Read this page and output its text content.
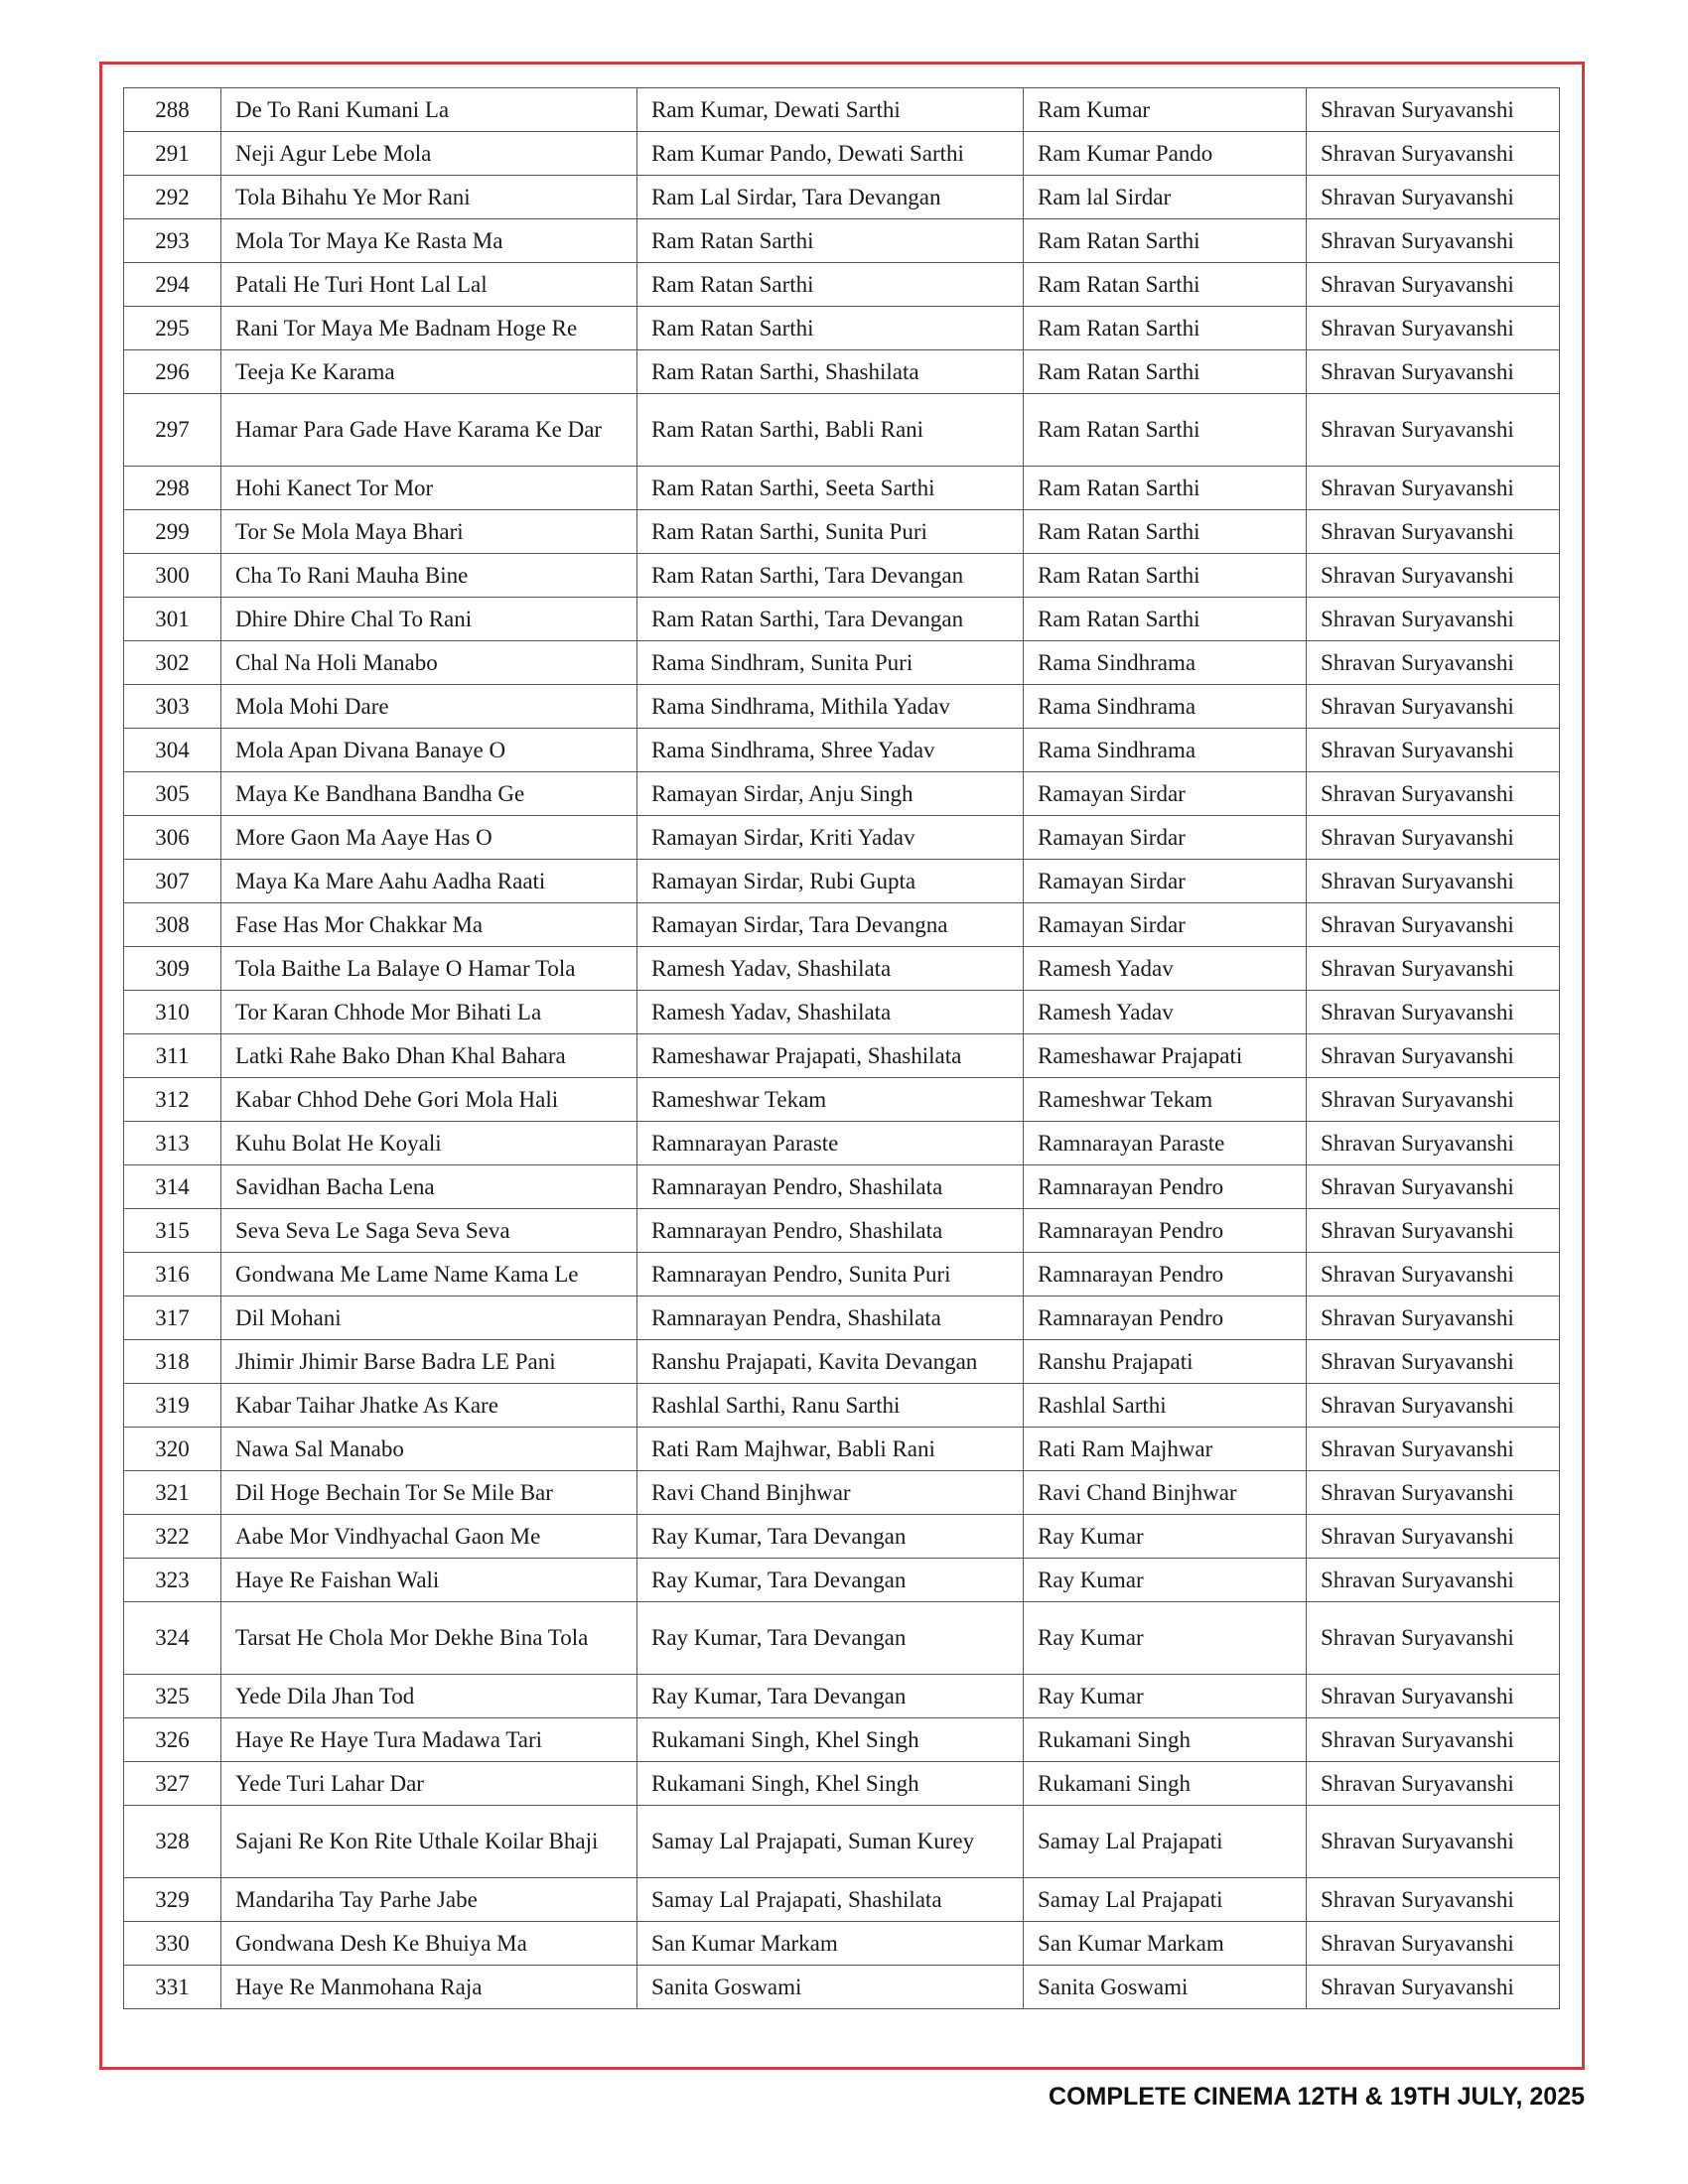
288	De To Rani Kumani La	Ram Kumar, Dewati Sarthi	Ram Kumar	Shravan Suryavanshi
291	Neji Agur Lebe Mola	Ram Kumar Pando, Dewati Sarthi	Ram Kumar Pando	Shravan Suryavanshi
292	Tola Bihahu Ye Mor Rani	Ram Lal Sirdar, Tara Devangan	Ram lal Sirdar	Shravan Suryavanshi
293	Mola Tor Maya Ke Rasta Ma	Ram Ratan Sarthi	Ram Ratan Sarthi	Shravan Suryavanshi
294	Patali He Turi Hont Lal Lal	Ram Ratan Sarthi	Ram Ratan Sarthi	Shravan Suryavanshi
295	Rani Tor Maya Me Badnam Hoge Re	Ram Ratan Sarthi	Ram Ratan Sarthi	Shravan Suryavanshi
296	Teeja Ke Karama	Ram Ratan Sarthi, Shashilata	Ram Ratan Sarthi	Shravan Suryavanshi
297	Hamar Para Gade Have Karama Ke Dar	Ram Ratan Sarthi, Babli Rani	Ram Ratan Sarthi	Shravan Suryavanshi
298	Hohi Kanect Tor Mor	Ram Ratan Sarthi, Seeta Sarthi	Ram Ratan Sarthi	Shravan Suryavanshi
299	Tor Se Mola Maya Bhari	Ram Ratan Sarthi, Sunita Puri	Ram Ratan Sarthi	Shravan Suryavanshi
300	Cha To Rani Mauha Bine	Ram Ratan Sarthi, Tara Devangan	Ram Ratan Sarthi	Shravan Suryavanshi
301	Dhire Dhire Chal To Rani	Ram Ratan Sarthi, Tara Devangan	Ram Ratan Sarthi	Shravan Suryavanshi
302	Chal Na Holi Manabo	Rama Sindhram, Sunita Puri	Rama Sindhrama	Shravan Suryavanshi
303	Mola Mohi Dare	Rama Sindhrama, Mithila Yadav	Rama Sindhrama	Shravan Suryavanshi
304	Mola Apan Divana Banaye O	Rama Sindhrama, Shree Yadav	Rama Sindhrama	Shravan Suryavanshi
305	Maya Ke Bandhana Bandha Ge	Ramayan Sirdar, Anju Singh	Ramayan Sirdar	Shravan Suryavanshi
306	More Gaon Ma Aaye Has O	Ramayan Sirdar, Kriti Yadav	Ramayan Sirdar	Shravan Suryavanshi
307	Maya Ka Mare Aahu Aadha Raati	Ramayan Sirdar, Rubi Gupta	Ramayan Sirdar	Shravan Suryavanshi
308	Fase Has Mor Chakkar Ma	Ramayan Sirdar, Tara Devangna	Ramayan Sirdar	Shravan Suryavanshi
309	Tola Baithe La Balaye O Hamar Tola	Ramesh Yadav, Shashilata	Ramesh Yadav	Shravan Suryavanshi
310	Tor Karan Chhode Mor Bihati La	Ramesh Yadav, Shashilata	Ramesh Yadav	Shravan Suryavanshi
311	Latki Rahe Bako Dhan Khal Bahara	Rameshawar Prajapati, Shashilata	Rameshawar Prajapati	Shravan Suryavanshi
312	Kabar Chhod Dehe Gori Mola Hali	Rameshwar Tekam	Rameshwar Tekam	Shravan Suryavanshi
313	Kuhu Bolat He Koyali	Ramnarayan Paraste	Ramnarayan Paraste	Shravan Suryavanshi
314	Savidhan Bacha Lena	Ramnarayan Pendro, Shashilata	Ramnarayan Pendro	Shravan Suryavanshi
315	Seva Seva Le Saga Seva Seva	Ramnarayan Pendro, Shashilata	Ramnarayan Pendro	Shravan Suryavanshi
316	Gondwana Me Lame Name Kama Le	Ramnarayan Pendro, Sunita Puri	Ramnarayan Pendro	Shravan Suryavanshi
317	Dil Mohani	Ramnarayan Pendra, Shashilata	Ramnarayan Pendro	Shravan Suryavanshi
318	Jhimir Jhimir Barse Badra LE Pani	Ranshu Prajapati, Kavita Devangan	Ranshu Prajapati	Shravan Suryavanshi
319	Kabar Taihar Jhatke As Kare	Rashlal Sarthi, Ranu Sarthi	Rashlal Sarthi	Shravan Suryavanshi
320	Nawa Sal Manabo	Rati Ram Majhwar, Babli Rani	Rati Ram Majhwar	Shravan Suryavanshi
321	Dil Hoge Bechain Tor Se Mile Bar	Ravi Chand Binjhwar	Ravi Chand Binjhwar	Shravan Suryavanshi
322	Aabe Mor Vindhyachal Gaon Me	Ray Kumar, Tara Devangan	Ray Kumar	Shravan Suryavanshi
323	Haye Re Faishan Wali	Ray Kumar, Tara Devangan	Ray Kumar	Shravan Suryavanshi
324	Tarsat He Chola Mor Dekhe Bina Tola	Ray Kumar, Tara Devangan	Ray Kumar	Shravan Suryavanshi
325	Yede Dila Jhan Tod	Ray Kumar, Tara Devangan	Ray Kumar	Shravan Suryavanshi
326	Haye Re Haye Tura Madawa Tari	Rukamani Singh, Khel Singh	Rukamani Singh	Shravan Suryavanshi
327	Yede Turi Lahar Dar	Rukamani Singh, Khel Singh	Rukamani Singh	Shravan Suryavanshi
328	Sajani Re Kon Rite Uthale Koilar Bhaji	Samay Lal Prajapati, Suman Kurey	Samay Lal Prajapati	Shravan Suryavanshi
329	Mandariha Tay Parhe Jabe	Samay Lal Prajapati, Shashilata	Samay Lal Prajapati	Shravan Suryavanshi
330	Gondwana Desh Ke Bhuiya Ma	San Kumar Markam	San Kumar Markam	Shravan Suryavanshi
331	Haye Re Manmohana Raja	Sanita Goswami	Sanita Goswami	Shravan Suryavanshi
COMPLETE CINEMA 12TH & 19TH JULY, 2025
